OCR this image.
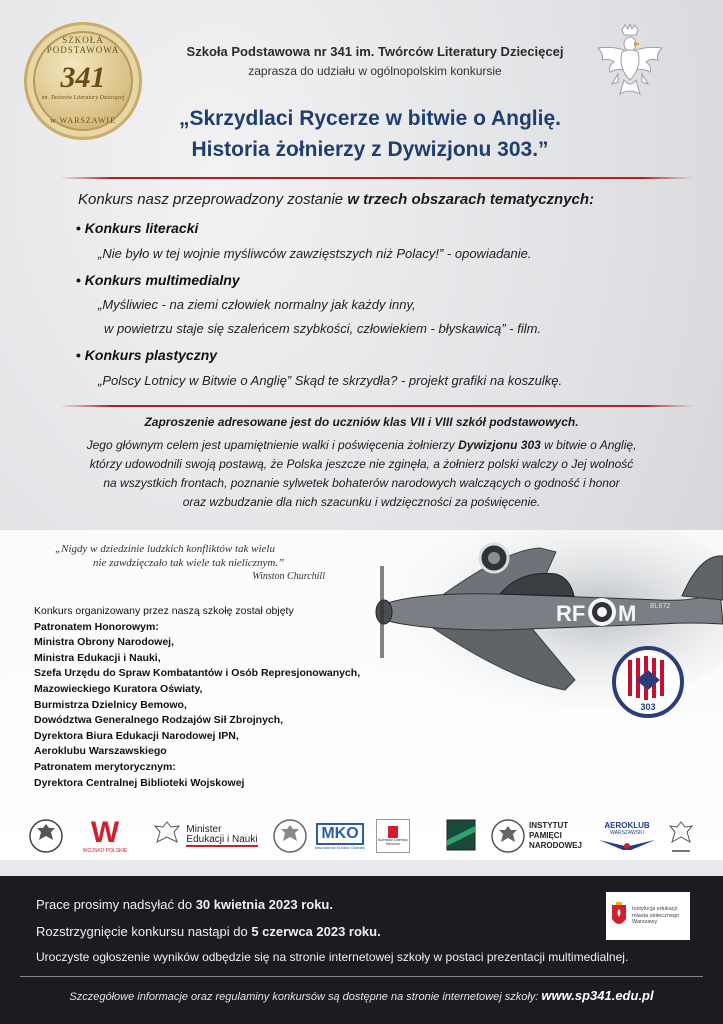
SZKOŁA PODSTAWOWA
341
im. Twórców Literatury Dziecięcej
w WARSZAWIE
Szkoła Podstawowa nr 341 im. Twórców Literatury Dziecięcej
zaprasza do udziału w ogólnopolskim konkursie
„Skrzydlaci Rycerze w bitwie o Anglię.
Historia żołnierzy z Dywizjonu 303.”
Konkurs nasz przeprowadzony zostanie w trzech obszarach tematycznych:
• Konkurs literacki
„Nie było w tej wojnie myśliwców zawzięstszych niż Polacy!” - opowiadanie.
• Konkurs multimedialny
„Myśliwiec - na ziemi człowiek normalny jak każdy inny,
w powietrzu staje się szaleńcem szybkości, człowiekiem - błyskawicą” - film.
• Konkurs plastyczny
„Polscy Lotnicy w Bitwie o Anglię” Skąd te skrzydła? - projekt grafiki na koszulkę.
Zaproszenie adresowane jest do uczniów klas VII i VIII szkół podstawowych.

Jego głównym celem jest upamiętnienie walki i poświęcenia żołnierzy Dywizjonu 303 w bitwie o Anglię,

którzy udowodnili swoją postawą, że Polska jeszcze nie zginęła, a żołnierz polski walczy o Jej wolność

na wszystkich frontach, poznanie sylwetek bohaterów narodowych walczących o godność i honor

oraz wzbudzanie dla nich szacunku i wdzięczności za poświęcenie.

RF M BL672
„Nigdy w dziedzinie ludzkich konfliktów tak wielu
nie zawdzięczało tak wiele tak nielicznym.”
Winston Churchill
Konkurs organizowany przez naszą szkołę został objęty
Patronatem Honorowym:
Ministra Obrony Narodowej,
Ministra Edukacji i Nauki,
Szefa Urzędu do Spraw Kombatantów i Osób Represjonowanych,
Mazowieckiego Kuratora Oświaty,
Burmistrza Dzielnicy Bemowo,
Dowództwa Generalnego Rodzajów Sił Zbrojnych,
Dyrektora Biura Edukacji Narodowej IPN,
Aeroklubu Warszawskiego
Patronatem merytorycznym:
Dyrektora Centralnej Biblioteki Wojskowej
303
W
WOJSKO POLSKIE
Minister
Edukacji i Nauki	MKO
Mazowiecki Kurator Oświaty
Burmistrz Dzielnicy Bemowo
INSTYTUT
PAMIĘCI
NARODOWEJ
AEROKLUB
WARSZAWSKI
Prace prosimy nadsyłać do 30 kwietnia 2023 roku.
Rozstrzygnięcie konkursu nastąpi do 5 czerwca 2023 roku.
Uroczyste ogłoszenie wyników odbędzie się na stronie internetowej szkoły w postaci prezentacji multimedialnej.
Instytucja edukacji
miasta stołecznego
Warszawy
Szczegółowe informacje oraz regulaminy konkursów są dostępne na stronie internetowej szkoły: www.sp341.edu.pl
